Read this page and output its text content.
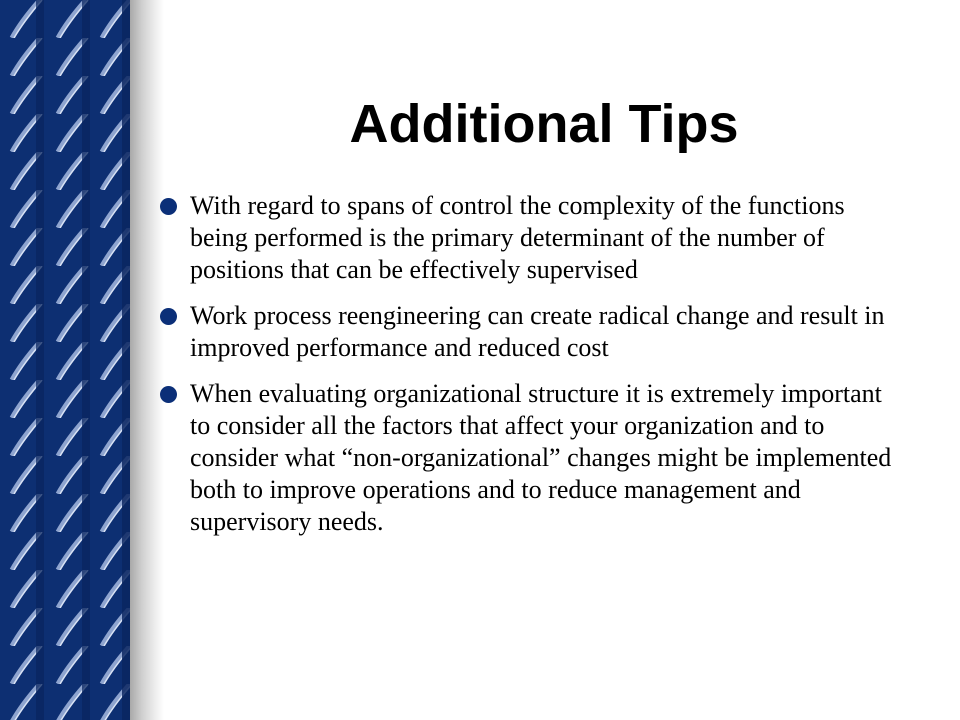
Additional Tips
With regard to spans of control the complexity of the functions being performed is the primary determinant of the number of positions that can be effectively supervised
Work process reengineering can create radical change and result in improved performance and reduced cost
When evaluating organizational structure it is extremely important to consider all the factors that affect your organization and to consider what “non-organizational” changes might be implemented both to improve operations and to reduce management and supervisory needs.
